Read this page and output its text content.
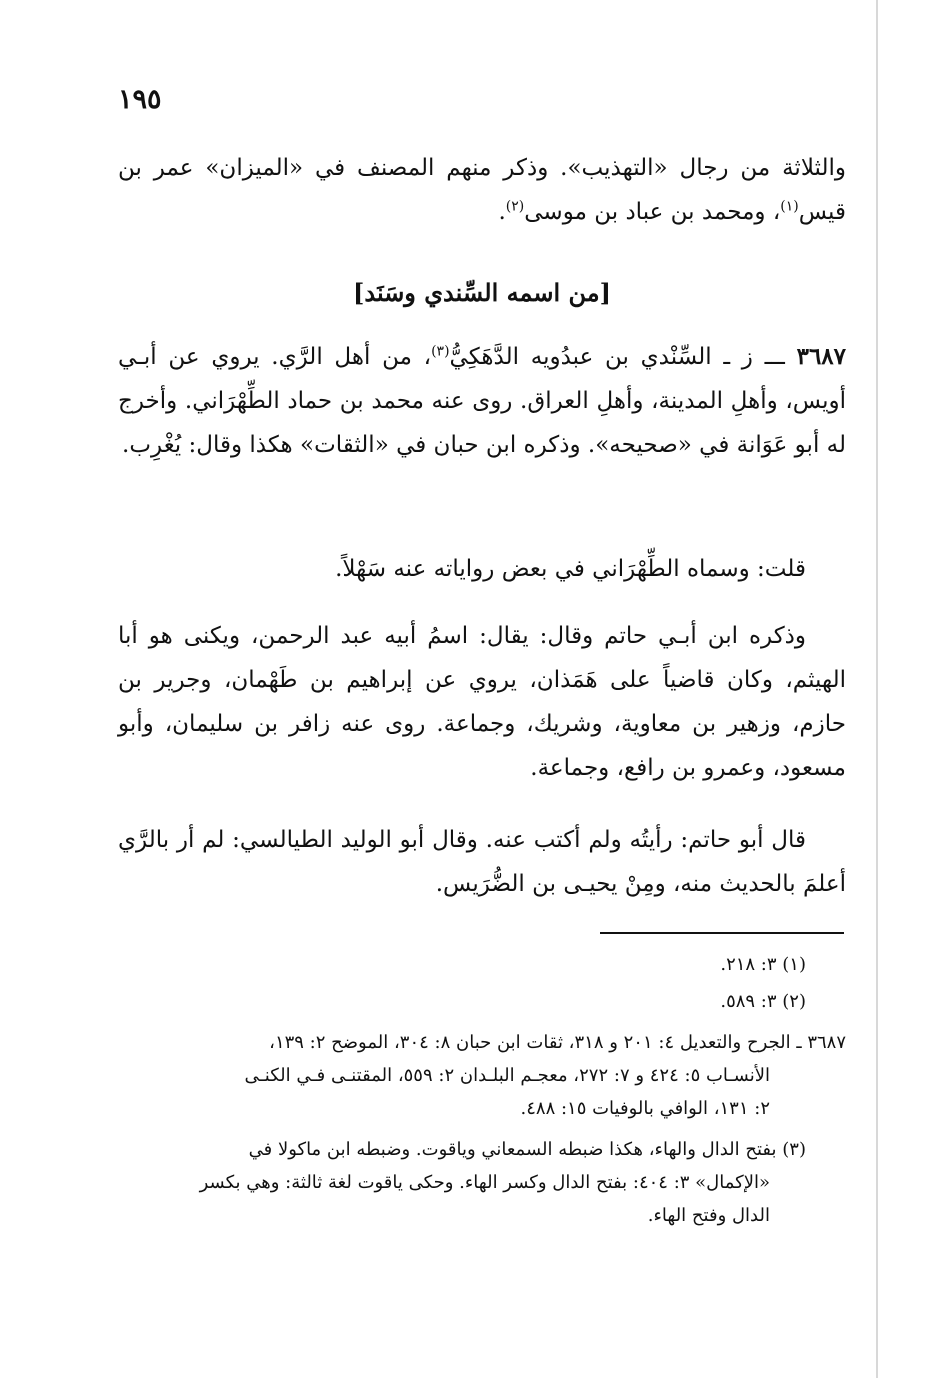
١٩٥

والثلاثة من رجال «التهذيب». وذكر منهم المصنف في «الميزان» عمر بن قيس$^{(١)}$، ومحمد بن عباد بن موسى$^{(٢)}$.

[من اسمه السِّندي وسَنَد]

٣٦٨٧ ـــ ز ـ السِّنْدي بن عبدُويه الدَّهَكِيُّ$^{(٣)}$، من أهل الرَّي. يروي عن أبـي أويس، وأهلِ المدينة، وأهلِ العراق. روى عنه محمد بن حماد الطِّهْرَاني. وأخرج له أبو عَوَانة في «صحيحه». وذكره ابن حبان في «الثقات» هكذا وقال: يُغْرِب.

قلت: وسماه الطِّهْرَاني في بعض رواياته عنه سَهْلاً.

وذكره ابن أبـي حاتم وقال: يقال: اسمُ أبيه عبد الرحمن، ويكنى هو أبا الهيثم، وكان قاضياً على هَمَذان، يروي عن إبراهيم بن طَهْمان، وجرير بن حازم، وزهير بن معاوية، وشريك، وجماعة. روى عنه زافر بن سليمان، وأبو مسعود، وعمرو بن رافع، وجماعة.

قال أبو حاتم: رأيتُه ولم أكتب عنه. وقال أبو الوليد الطيالسي: لم أر بالرَّي أعلمَ بالحديث منه، ومِنْ يحيـى بن الضُّرَيس.

(١) ٣: ٢١٨.

(٢) ٣: ٥٨٩.

٣٦٨٧ ـ الجرح والتعديل ٤: ٢٠١ و ٣١٨، ثقات ابن حبان ٨: ٣٠٤، الموضح ٢: ١٣٩،

الأنسـاب ٥: ٤٢٤ و ٧: ٢٧٢، معجـم البلـدان ٢: ٥٥٩، المقتنـى فـي الكنـى

٢: ١٣١، الوافي بالوفيات ١٥: ٤٨٨.

(٣) بفتح الدال والهاء، هكذا ضبطه السمعاني وياقوت. وضبطه ابن ماكولا في

«الإكمال» ٣: ٤٠٤: بفتح الدال وكسر الهاء. وحكى ياقوت لغة ثالثة: وهي بكسر

الدال وفتح الهاء.
